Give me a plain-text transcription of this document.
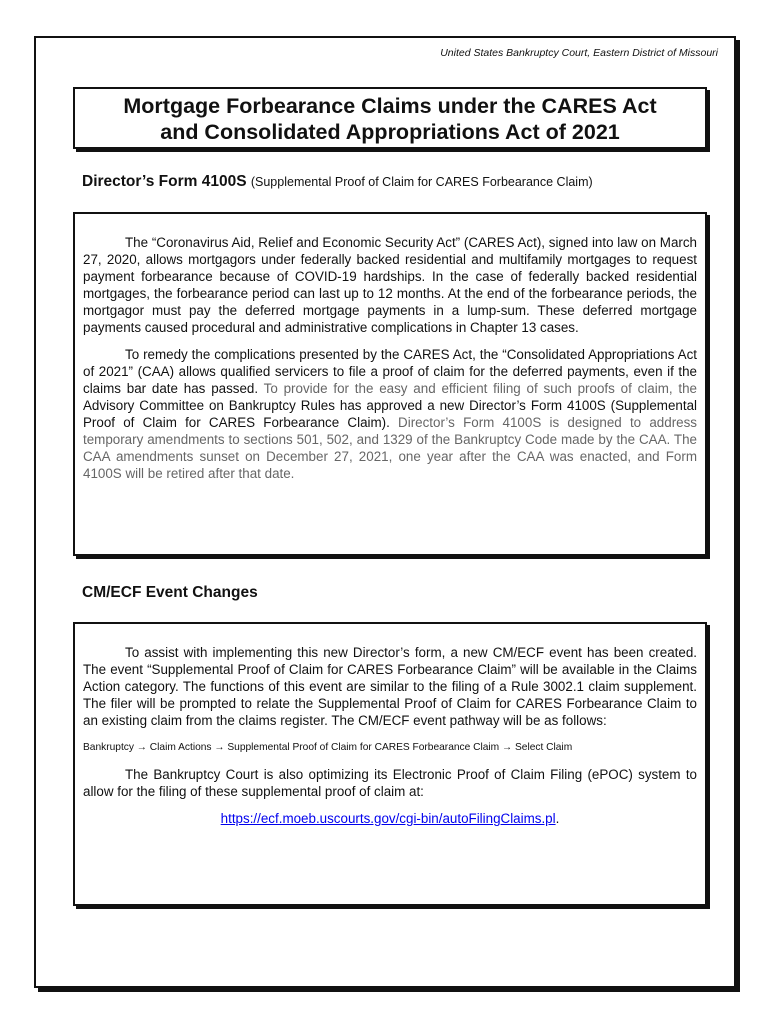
United States Bankruptcy Court, Eastern District of Missouri
Mortgage Forbearance Claims under the CARES Act
and Consolidated Appropriations Act of 2021
Director’s Form 4100S (Supplemental Proof of Claim for CARES Forbearance Claim)

The “Coronavirus Aid, Relief and Economic Security Act” (CARES Act), signed into law on March 27, 2020, allows mortgagors under federally backed residential and multifamily mortgages to request payment forbearance because of COVID-19 hardships. In the case of federally backed residential mortgages, the forbearance period can last up to 12 months. At the end of the forbearance periods, the mortgagor must pay the deferred mortgage payments in a lump-sum. These deferred mortgage payments caused procedural and administrative complications in Chapter 13 cases.

To remedy the complications presented by the CARES Act, the “Consolidated Appropriations Act of 2021” (CAA) allows qualified servicers to file a proof of claim for the deferred payments, even if the claims bar date has passed. To provide for the easy and efficient filing of such proofs of claim, the Advisory Committee on Bankruptcy Rules has approved a new Director’s Form 4100S (Supplemental Proof of Claim for CARES Forbearance Claim). Director’s Form 4100S is designed to address temporary amendments to sections 501, 502, and 1329 of the Bankruptcy Code made by the CAA. The CAA amendments sunset on December 27, 2021, one year after the CAA was enacted, and Form 4100S will be retired after that date.

CM/ECF Event Changes

To assist with implementing this new Director’s form, a new CM/ECF event has been created. The event “Supplemental Proof of Claim for CARES Forbearance Claim” will be available in the Claims Action category. The functions of this event are similar to the filing of a Rule 3002.1 claim supplement. The filer will be prompted to relate the Supplemental Proof of Claim for CARES Forbearance Claim to an existing claim from the claims register. The CM/ECF event pathway will be as follows:

Bankruptcy → Claim Actions → Supplemental Proof of Claim for CARES Forbearance Claim → Select Claim

The Bankruptcy Court is also optimizing its Electronic Proof of Claim Filing (ePOC) system to allow for the filing of these supplemental proof of claim at:

https://ecf.moeb.uscourts.gov/cgi-bin/autoFilingClaims.pl.
